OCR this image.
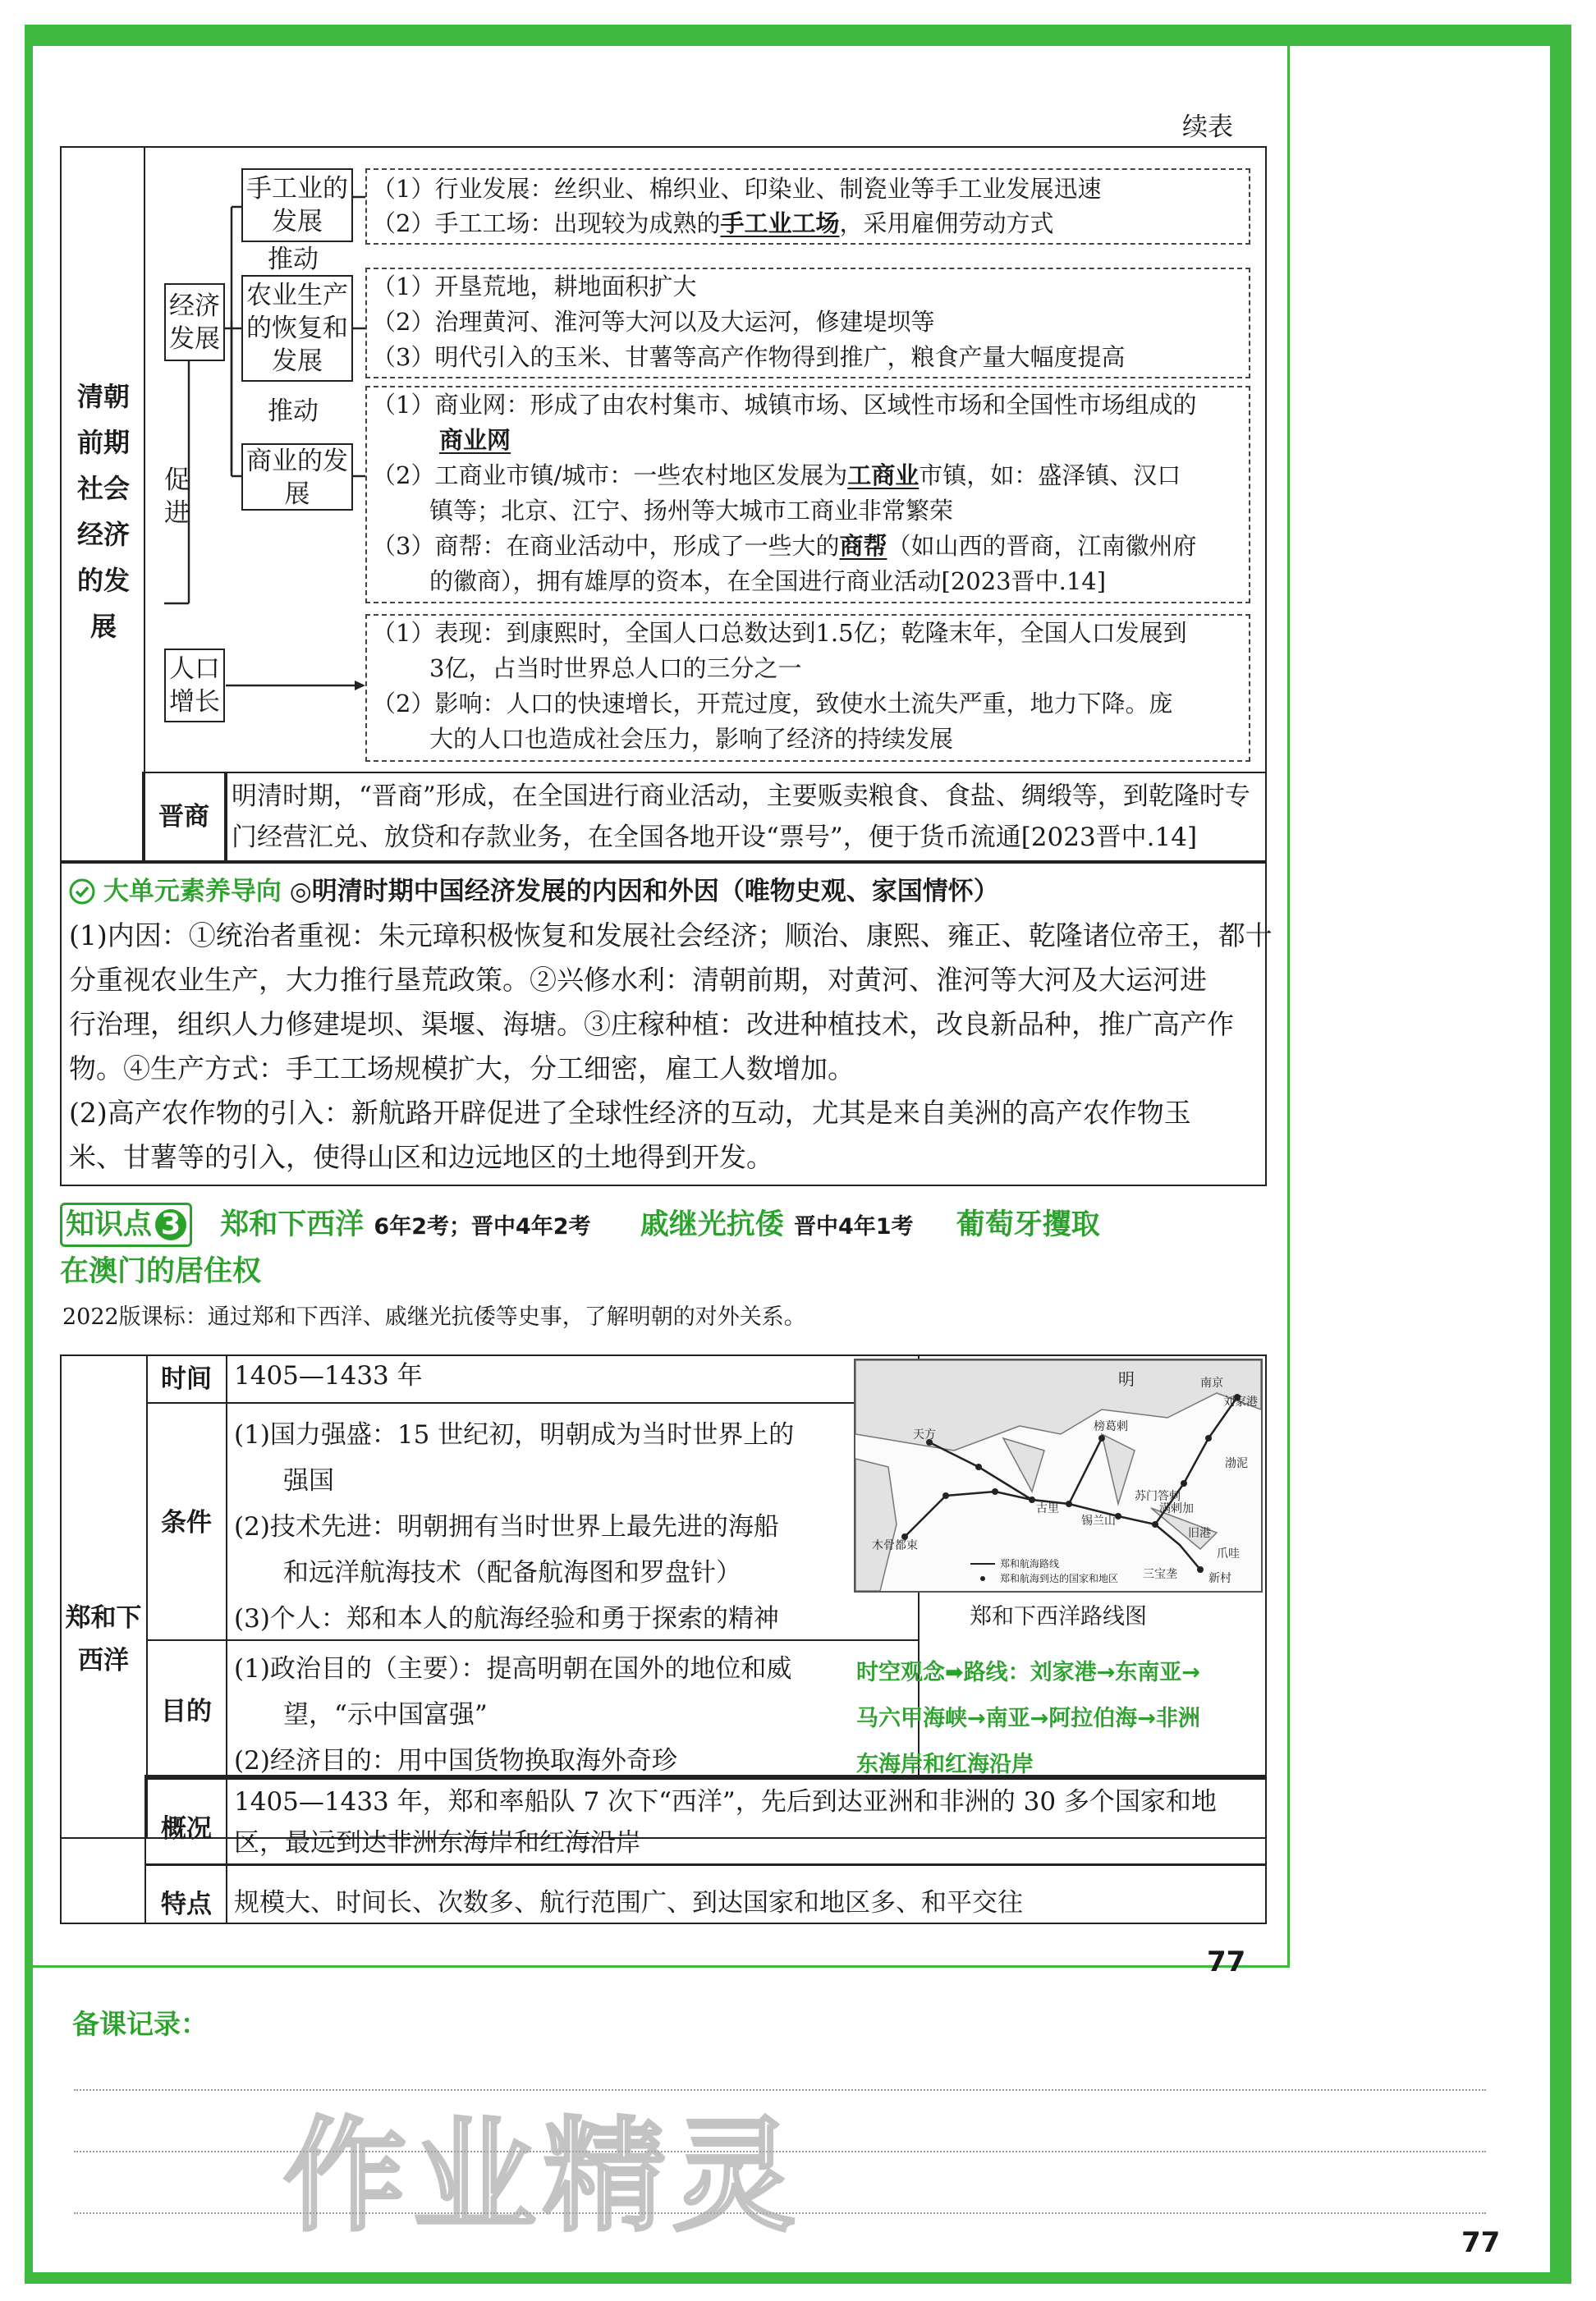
续表
清朝前期社会经济的发展
推动
推动
促进
经济发展
手工业的发展
农业生产的恢复和发展
商业的发展
人口增长
（1）行业发展：丝织业、棉织业、印染业、制瓷业等手工业发展迅速
（2）手工工场：出现较为成熟的手工业工场，采用雇佣劳动方式
（1）开垦荒地，耕地面积扩大
（2）治理黄河、淮河等大河以及大运河，修建堤坝等
（3）明代引入的玉米、甘薯等高产作物得到推广，粮食产量大幅度提高
（1）商业网：形成了由农村集市、城镇市场、区域性市场和全国性市场组成的
商业网
（2）工商业市镇/城市：一些农村地区发展为工商业市镇，如：盛泽镇、汉口
镇等；北京、江宁、扬州等大城市工商业非常繁荣
（3）商帮：在商业活动中，形成了一些大的商帮（如山西的晋商，江南徽州府
的徽商），拥有雄厚的资本，在全国进行商业活动[2023晋中.14]
（1）表现：到康熙时，全国人口总数达到1.5亿；乾隆末年，全国人口发展到
3亿，占当时世界总人口的三分之一
（2）影响：人口的快速增长，开荒过度，致使水土流失严重，地力下降。庞
大的人口也造成社会压力，影响了经济的持续发展
晋商
明清时期，“晋商”形成，在全国进行商业活动，主要贩卖粮食、食盐、绸缎等，到乾隆时专
门经营汇兑、放贷和存款业务，在全国各地开设“票号”，便于货币流通[2023晋中.14]
大单元素养导向 ◎明清时期中国经济发展的内因和外因（唯物史观、家国情怀）
(1)内因：①统治者重视：朱元璋积极恢复和发展社会经济；顺治、康熙、雍正、乾隆诸位帝王，都十
分重视农业生产，大力推行垦荒政策。②兴修水利：清朝前期，对黄河、淮河等大河及大运河进
行治理，组织人力修建堤坝、渠堰、海塘。③庄稼种植：改进种植技术，改良新品种，推广高产作
物。④生产方式：手工工场规模扩大，分工细密，雇工人数增加。
(2)高产农作物的引入：新航路开辟促进了全球性经济的互动，尤其是来自美洲的高产农作物玉
米、甘薯等的引入，使得山区和边远地区的土地得到开发。
知识点 3 郑和下西洋 6年2考；晋中4年2考 戚继光抗倭 晋中4年1考 葡萄牙攫取
在澳门的居住权
2022版课标：通过郑和下西洋、戚继光抗倭等史事，了解明朝的对外关系。
郑和下西洋
时间 1405—1433 年
条件
(1)国力强盛：15 世纪初，明朝成为当时世界上的
强国
(2)技术先进：明朝拥有当时世界上最先进的海船
和远洋航海技术（配备航海图和罗盘针）
(3)个人：郑和本人的航海经验和勇于探索的精神
目的
(1)政治目的（主要）：提高明朝在国外的地位和威
望，“示中国富强”
(2)经济目的：用中国货物换取海外奇珍
概况
1405—1433 年，郑和率船队 7 次下“西洋”，先后到达亚洲和非洲的 30 多个国家和地
区，最远到达非洲东海岸和红海沿岸
特点 规模大、时间长、次数多、航行范围广、到达国家和地区多、和平交往
明	南京
刘家港
天方
榜葛剌
古里
木骨都束
锡兰山
满剌加
旧港
苏门答剌
爪哇
渤泥
三宝垄	新村
郑和航海路线
郑和航海到达的国家和地区
郑和下西洋路线图
时空观念➡路线：刘家港→东南亚→
马六甲海峡→南亚→阿拉伯海→非洲
东海岸和红海沿岸
77
77
备课记录：
作业精灵
